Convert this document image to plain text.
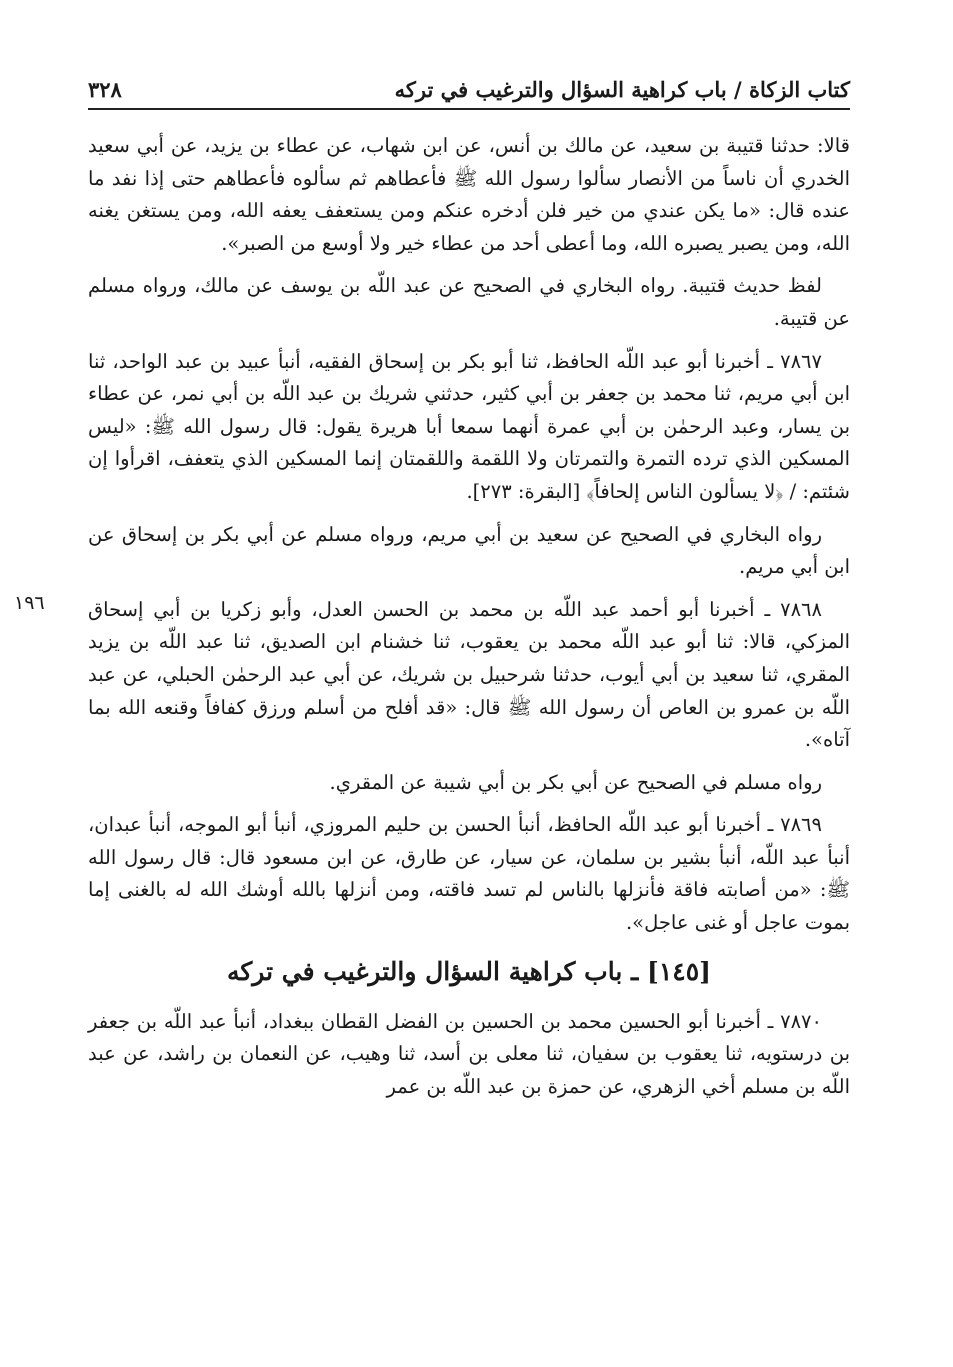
كتاب الزكاة / باب كراهية السؤال والترغيب في تركه
٣٢٨
١٩٦

قالا: حدثنا قتيبة بن سعيد، عن مالك بن أنس، عن ابن شهاب، عن عطاء بن يزيد، عن أبي سعيد الخدري أن ناساً من الأنصار سألوا رسول الله ﷺ فأعطاهم ثم سألوه فأعطاهم حتى إذا نفد ما عنده قال: «ما يكن عندي من خير فلن أدخره عنكم ومن يستعفف يعفه الله، ومن يستغن يغنه الله، ومن يصبر يصبره الله، وما أعطى أحد من عطاء خير ولا أوسع من الصبر».

لفظ حديث قتيبة. رواه البخاري في الصحيح عن عبد اللّه بن يوسف عن مالك، ورواه مسلم عن قتيبة.

٧٨٦٧ ـ أخبرنا أبو عبد اللّه الحافظ، ثنا أبو بكر بن إسحاق الفقيه، أنبأ عبيد بن عبد الواحد، ثنا ابن أبي مريم، ثنا محمد بن جعفر بن أبي كثير، حدثني شريك بن عبد اللّه بن أبي نمر، عن عطاء بن يسار، وعبد الرحمٰن بن أبي عمرة أنهما سمعا أبا هريرة يقول: قال رسول الله ﷺ: «ليس المسكين الذي ترده التمرة والتمرتان ولا اللقمة واللقمتان إنما المسكين الذي يتعفف، اقرأوا إن شئتم: / ﴿لا يسألون الناس إلحافاً﴾ [البقرة: ٢٧٣].

رواه البخاري في الصحيح عن سعيد بن أبي مريم، ورواه مسلم عن أبي بكر بن إسحاق عن ابن أبي مريم.

٧٨٦٨ ـ أخبرنا أبو أحمد عبد اللّه بن محمد بن الحسن العدل، وأبو زكريا بن أبي إسحاق المزكي، قالا: ثنا أبو عبد اللّه محمد بن يعقوب، ثنا خشنام ابن الصديق، ثنا عبد اللّه بن يزيد المقري، ثنا سعيد بن أبي أيوب، حدثنا شرحبيل بن شريك، عن أبي عبد الرحمٰن الحبلي، عن عبد اللّه بن عمرو بن العاص أن رسول الله ﷺ قال: «قد أفلح من أسلم ورزق كفافاً وقنعه الله بما آتاه».

رواه مسلم في الصحيح عن أبي بكر بن أبي شيبة عن المقري.

٧٨٦٩ ـ أخبرنا أبو عبد اللّه الحافظ، أنبأ الحسن بن حليم المروزي، أنبأ أبو الموجه، أنبأ عبدان، أنبأ عبد اللّه، أنبأ بشير بن سلمان، عن سيار، عن طارق، عن ابن مسعود قال: قال رسول الله ﷺ: «من أصابته فاقة فأنزلها بالناس لم تسد فاقته، ومن أنزلها بالله أوشك الله له بالغنى إما بموت عاجل أو غنى عاجل».

[١٤٥] ـ باب كراهية السؤال والترغيب في تركه

٧٨٧٠ ـ أخبرنا أبو الحسين محمد بن الحسين بن الفضل القطان ببغداد، أنبأ عبد اللّه بن جعفر بن درستويه، ثنا يعقوب بن سفيان، ثنا معلى بن أسد، ثنا وهيب، عن النعمان بن راشد، عن عبد اللّه بن مسلم أخي الزهري، عن حمزة بن عبد اللّه بن عمر
